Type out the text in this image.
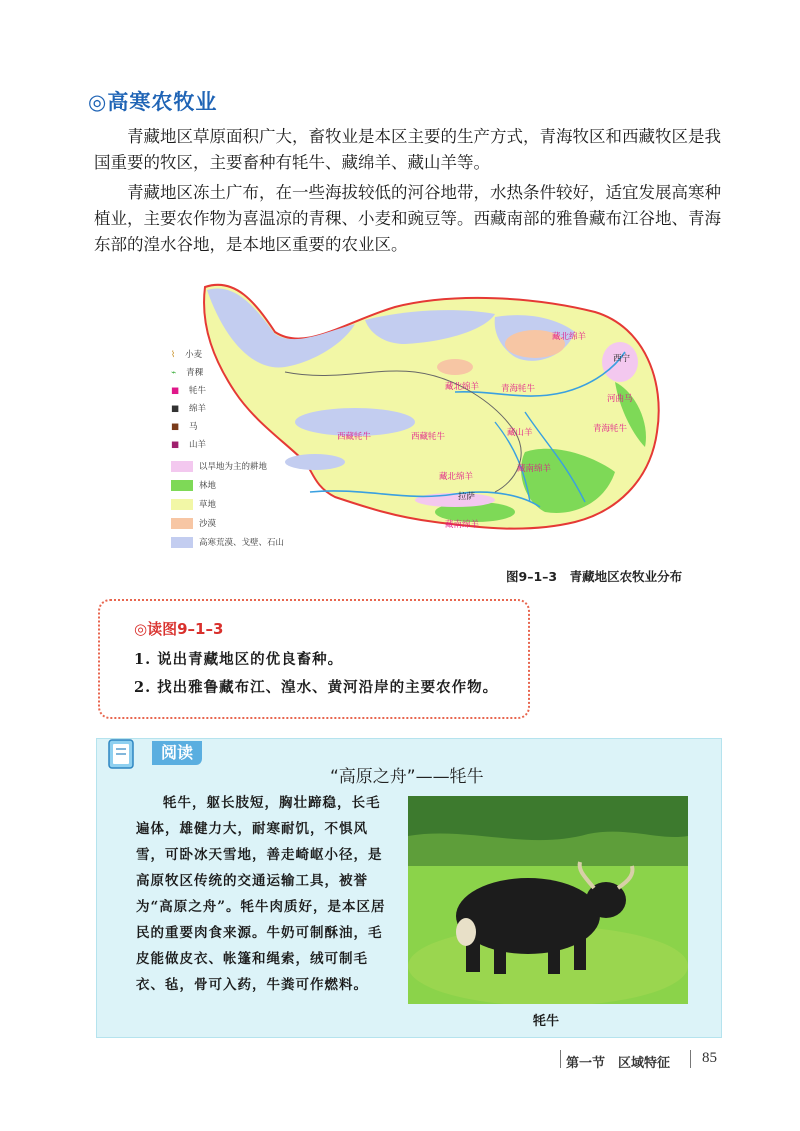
◎高寒农牧业
青藏地区草原面积广大，畜牧业是本区主要的生产方式，青海牧区和西藏牧区是我国重要的牧区，主要畜种有牦牛、藏绵羊、藏山羊等。
青藏地区冻土广布，在一些海拔较低的河谷地带，水热条件较好，适宜发展高寒种植业，主要农作物为喜温凉的青稞、小麦和豌豆等。西藏南部的雅鲁藏布江谷地、青海东部的湟水谷地，是本地区重要的农业区。
⌇ 小麦
⌁ 青稞
■ 牦牛
■ 绵羊
■ 马
■ 山羊
以旱地为主的耕地
林地
草地
沙漠
高寒荒漠、戈壁、石山
藏北绵羊
西宁
藏北绵羊	青海牦牛
河曲马
青海牦牛
西藏牦牛	西藏牦牛	藏山羊
藏南绵羊
藏北绵羊
拉萨
藏南绵羊
图9–1–3　青藏地区农牧业分布
◎读图9–1–3
1. 说出青藏地区的优良畜种。
2. 找出雅鲁藏布江、湟水、黄河沿岸的主要农作物。
阅读
“高原之舟”——牦牛
牦牛，躯长肢短，胸壮蹄稳，长毛遍体，雄健力大，耐寒耐饥，不惧风雪，可卧冰天雪地，善走崎岖小径，是高原牧区传统的交通运输工具，被誉为“高原之舟”。牦牛肉质好，是本区居民的重要肉食来源。牛奶可制酥油，毛皮能做皮衣、帐篷和绳索，绒可制毛衣、毡，骨可入药，牛粪可作燃料。
牦牛
第一节　区域特征 85
